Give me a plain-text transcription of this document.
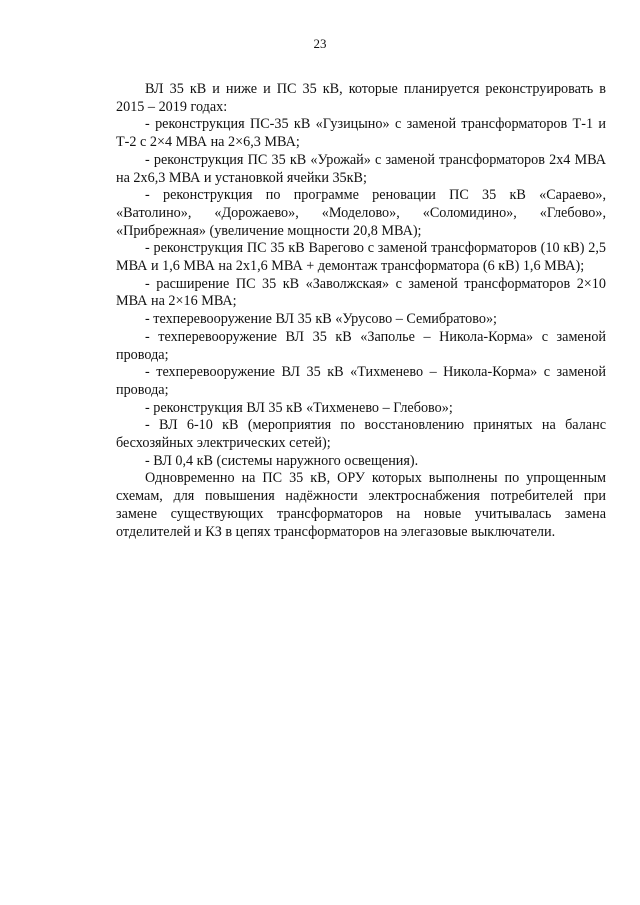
23

ВЛ 35 кВ и ниже и ПС 35 кВ, которые планируется реконструировать в 2015 – 2019 годах:

- реконструкция ПС-35 кВ «Гузицыно» с заменой трансформаторов Т-1 и Т-2 с 2×4 МВА на 2×6,3 МВА;

- реконструкция ПС 35 кВ «Урожай» с заменой трансформаторов 2х4 МВА на 2х6,3 МВА и установкой ячейки 35кВ;

- реконструкция по программе реновации ПС 35 кВ «Сараево», «Ватолино», «Дорожаево», «Моделово», «Соломидино», «Глебово», «Прибрежная» (увеличение мощности 20,8 МВА);

- реконструкция ПС 35 кВ Варегово с заменой трансформаторов (10 кВ) 2,5 МВА и 1,6 МВА на 2х1,6 МВА + демонтаж трансформатора (6 кВ) 1,6 МВА);

- расширение ПС 35 кВ «Заволжская» с заменой трансформаторов 2×10 МВА на 2×16 МВА;

- техперевооружение ВЛ 35 кВ «Урусово – Семибратово»;

- техперевооружение ВЛ 35 кВ «Заполье – Никола-Корма» с заменой провода;

- техперевооружение ВЛ 35 кВ «Тихменево – Никола-Корма» с заменой провода;

- реконструкция ВЛ 35 кВ «Тихменево – Глебово»;

- ВЛ 6-10 кВ (мероприятия по восстановлению принятых на баланс бесхозяйных электрических сетей);

- ВЛ 0,4 кВ (системы наружного освещения).

Одновременно на ПС 35 кВ, ОРУ которых выполнены по упрощенным схемам, для повышения надёжности электроснабжения потребителей при замене существующих трансформаторов на новые учитывалась замена отделителей и КЗ в цепях трансформаторов на элегазовые выключатели.
